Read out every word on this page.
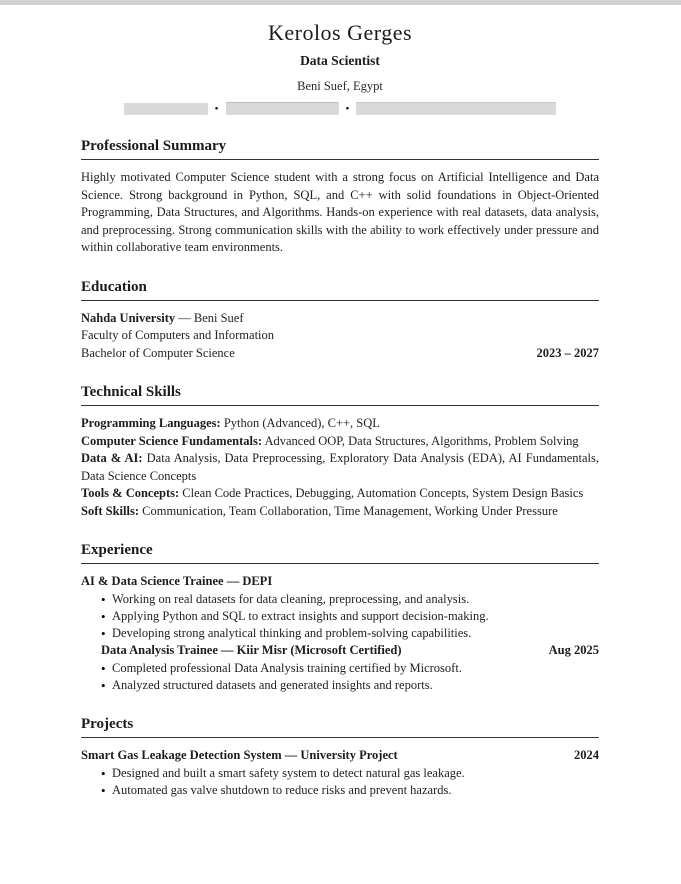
Kerolos Gerges
Data Scientist
Beni Suef, Egypt
•	•
Professional Summary

Highly motivated Computer Science student with a strong focus on Artificial Intelligence and Data Science. Strong background in Python, SQL, and C++ with solid foundations in Object-Oriented Programming, Data Structures, and Algorithms. Hands-on experience with real datasets, data analysis, and preprocessing. Strong communication skills with the ability to work effectively under pressure and within collaborative team environments.

Education
Nahda University — Beni Suef
Faculty of Computers and Information
Bachelor of Computer Science	2023 – 2027
Technical Skills

Programming Languages: Python (Advanced), C++, SQL

Computer Science Fundamentals: Advanced OOP, Data Structures, Algorithms, Problem Solving

Data & AI: Data Analysis, Data Preprocessing, Exploratory Data Analysis (EDA), AI Fundamentals, Data Science Concepts

Tools & Concepts: Clean Code Practices, Debugging, Automation Concepts, System Design Basics

Soft Skills: Communication, Team Collaboration, Time Management, Working Under Pressure

Experience
AI & Data Science Trainee — DEPI
• Working on real datasets for data cleaning, preprocessing, and analysis.
• Applying Python and SQL to extract insights and support decision-making.
• Developing strong analytical thinking and problem-solving capabilities.
Data Analysis Trainee — Kiir Misr (Microsoft Certified)	Aug 2025
• Completed professional Data Analysis training certified by Microsoft.
• Analyzed structured datasets and generated insights and reports.
Projects
Smart Gas Leakage Detection System — University Project	2024
• Designed and built a smart safety system to detect natural gas leakage.
• Automated gas valve shutdown to reduce risks and prevent hazards.
